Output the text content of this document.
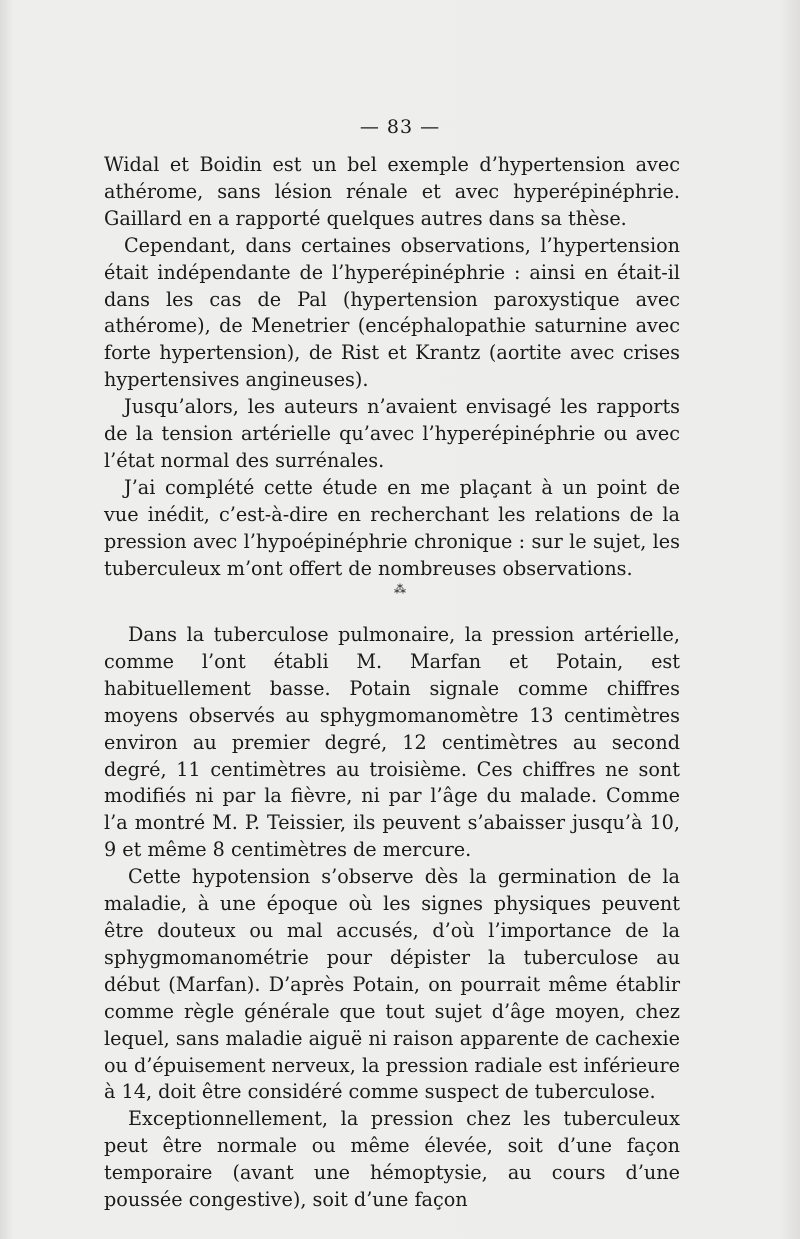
— 83 —

Widal et Boidin est un bel exemple d’hypertension avec athérome, sans lésion rénale et avec hyperépinéphrie. Gaillard en a rapporté quelques autres dans sa thèse.

Cependant, dans certaines observations, l’hypertension était indépendante de l’hyperépinéphrie : ainsi en était-il dans les cas de Pal (hypertension paroxystique avec athérome), de Menetrier (encéphalopathie saturnine avec forte hypertension), de Rist et Krantz (aortite avec crises hypertensives angineuses).

Jusqu’alors, les auteurs n’avaient envisagé les rapports de la tension artérielle qu’avec l’hyperépinéphrie ou avec l’état normal des surrénales.

J’ai complété cette étude en me plaçant à un point de vue inédit, c’est-à-dire en recherchant les relations de la pression avec l’hypoépinéphrie chronique : sur le sujet, les tuberculeux m’ont offert de nombreuses observations.

⁂

Dans la tuberculose pulmonaire, la pression artérielle, comme l’ont établi M. Marfan et Potain, est habituellement basse. Potain signale comme chiffres moyens observés au sphygmomanomètre 13 centimètres environ au premier degré, 12 centimètres au second degré, 11 centimètres au troisième. Ces chiffres ne sont modifiés ni par la fièvre, ni par l’âge du malade. Comme l’a montré M. P. Teissier, ils peuvent s’abaisser jusqu’à 10, 9 et même 8 centimètres de mercure.

Cette hypotension s’observe dès la germination de la maladie, à une époque où les signes physiques peuvent être douteux ou mal accusés, d’où l’importance de la sphygmomanométrie pour dépister la tuberculose au début (Marfan). D’après Potain, on pourrait même établir comme règle générale que tout sujet d’âge moyen, chez lequel, sans maladie aiguë ni raison apparente de cachexie ou d’épuisement nerveux, la pression radiale est inférieure à 14, doit être considéré comme suspect de tuberculose.

Exceptionnellement, la pression chez les tuberculeux peut être normale ou même élevée, soit d’une façon temporaire (avant une hémoptysie, au cours d’une poussée congestive), soit d’une façon
